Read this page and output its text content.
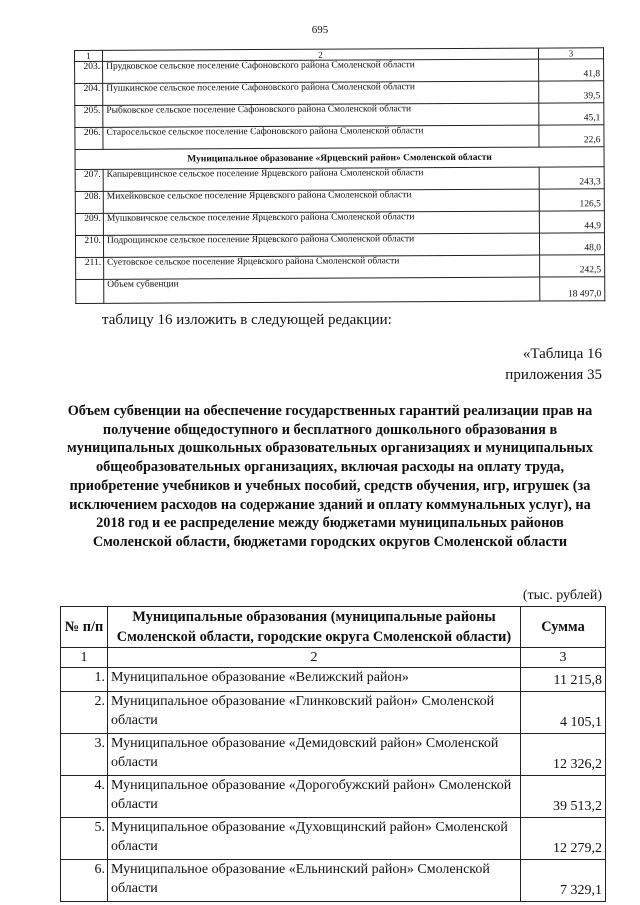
695
1	2	3
203.	Прудковское сельское поселение Сафоновского района Смоленской области	41,8
204.	Пушкинское сельское поселение Сафоновского района Смоленской области	39,5
205.	Рыбковское сельское поселение Сафоновского района Смоленской области	45,1
206.	Старосельское сельское поселение Сафоновского района Смоленской области	22,6
Муниципальное образование «Ярцевский район» Смоленской области		
207.	Капыревщинское сельское поселение Ярцевского района Смоленской области	243,3
208.	Михейковское сельское поселение Ярцевского района Смоленской области	126,5
209.	Мушковичское сельское поселение Ярцевского района Смоленской области	44,9
210.	Подрощинское сельское поселение Ярцевского района Смоленской области	48,0
211.	Суетовское сельское поселение Ярцевского района Смоленской области	242,5
	Объем субвенции	18 497,0
таблицу 16 изложить в следующей редакции:
«Таблица 16
приложения 35
Объем субвенции на обеспечение государственных гарантий реализации прав на получение общедоступного и бесплатного дошкольного образования в муниципальных дошкольных образовательных организациях и муниципальных общеобразовательных организациях, включая расходы на оплату труда, приобретение учебников и учебных пособий, средств обучения, игр, игрушек (за исключением расходов на содержание зданий и оплату коммунальных услуг), на 2018 год и ее распределение между бюджетами муниципальных районов Смоленской области, бюджетами городских округов Смоленской области
(тыс. рублей)
№ п/п	Муниципальные образования (муниципальные районы Смоленской области, городские округа Смоленской области)	Сумма
1	2	3
1.	Муниципальное образование «Велижский район»	11 215,8
2.	Муниципальное образование «Глинковский район» Смоленской области	4 105,1
3.	Муниципальное образование «Демидовский район» Смоленской области	12 326,2
4.	Муниципальное образование «Дорогобужский район» Смоленской области	39 513,2
5.	Муниципальное образование «Духовщинский район» Смоленской области	12 279,2
6.	Муниципальное образование «Ельнинский район» Смоленской области	7 329,1
